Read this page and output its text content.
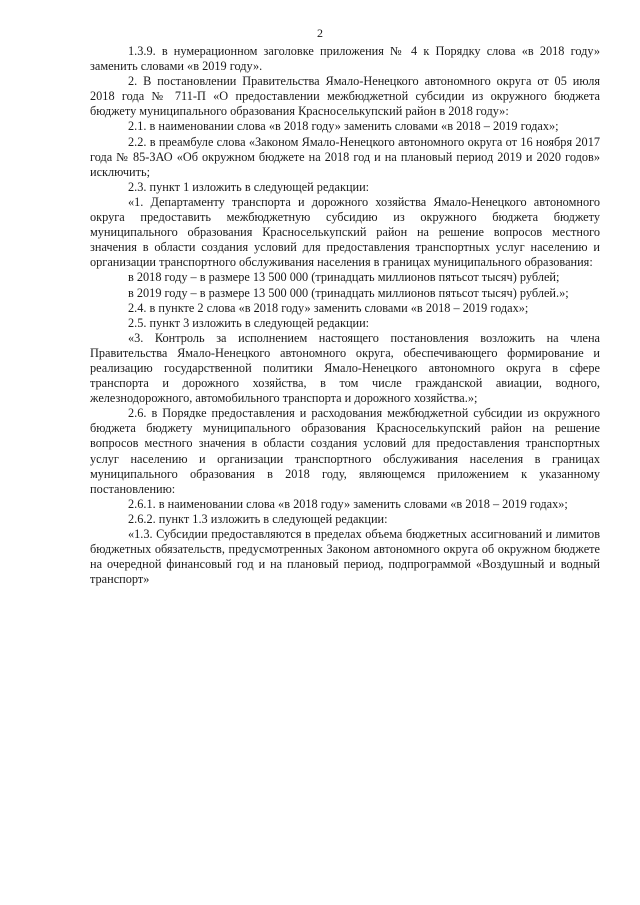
2

1.3.9. в нумерационном заголовке приложения № 4 к Порядку слова «в 2018 году» заменить словами «в 2019 году».

2. В постановлении Правительства Ямало-Ненецкого автономного округа от 05 июля 2018 года № 711-П «О предоставлении межбюджетной субсидии из окружного бюджета бюджету муниципального образования Красноселькупский район в 2018 году»:

2.1. в наименовании слова «в 2018 году» заменить словами «в 2018 – 2019 годах»;

2.2. в преамбуле слова «Законом Ямало-Ненецкого автономного округа от 16 ноября 2017 года № 85-ЗАО «Об окружном бюджете на 2018 год и на плановый период 2019 и 2020 годов» исключить;

2.3. пункт 1 изложить в следующей редакции:

«1. Департаменту транспорта и дорожного хозяйства Ямало-Ненецкого автономного округа предоставить межбюджетную субсидию из окружного бюджета бюджету муниципального образования Красноселькупский район на решение вопросов местного значения в области создания условий для предоставления транспортных услуг населению и организации транспортного обслуживания населения в границах муниципального образования:

в 2018 году – в размере 13 500 000 (тринадцать миллионов пятьсот тысяч) рублей;

в 2019 году – в размере 13 500 000 (тринадцать миллионов пятьсот тысяч) рублей.»;

2.4. в пункте 2 слова «в 2018 году» заменить словами «в 2018 – 2019 годах»;

2.5. пункт 3 изложить в следующей редакции:

«3. Контроль за исполнением настоящего постановления возложить на члена Правительства Ямало-Ненецкого автономного округа, обеспечивающего формирование и реализацию государственной политики Ямало-Ненецкого автономного округа в сфере транспорта и дорожного хозяйства, в том числе гражданской авиации, водного, железнодорожного, автомобильного транспорта и дорожного хозяйства.»;

2.6. в Порядке предоставления и расходования межбюджетной субсидии из окружного бюджета бюджету муниципального образования Красноселькупский район на решение вопросов местного значения в области создания условий для предоставления транспортных услуг населению и организации транспортного обслуживания населения в границах муниципального образования в 2018 году, являющемся приложением к указанному постановлению:

2.6.1. в наименовании слова «в 2018 году» заменить словами «в 2018 – 2019 годах»;

2.6.2. пункт 1.3 изложить в следующей редакции:

«1.3. Субсидии предоставляются в пределах объема бюджетных ассигнований и лимитов бюджетных обязательств, предусмотренных Законом автономного округа об окружном бюджете на очередной финансовый год и на плановый период, подпрограммой «Воздушный и водный транспорт»
